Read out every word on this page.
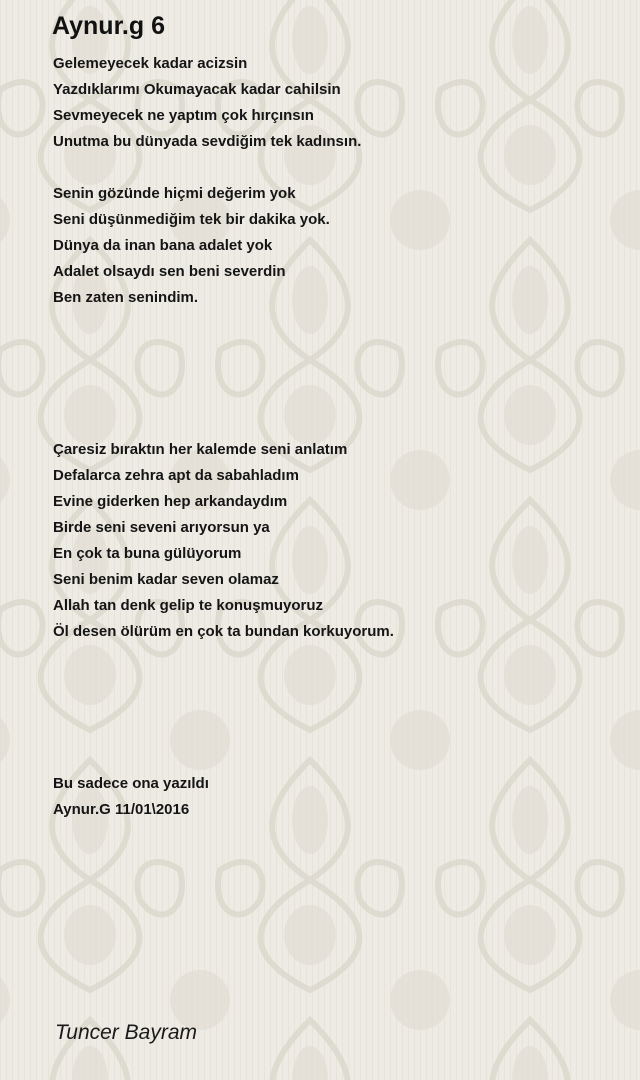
Aynur.g 6
Gelemeyecek kadar acizsin
Yazdıklarımı Okumayacak kadar cahilsin
Sevmeyecek ne yaptım çok hırçınsın
Unutma bu dünyada sevdiğim tek kadınsın.
Senin gözünde hiçmi değerim yok
Seni düşünmediğim tek bir dakika yok.
Dünya da inan bana adalet yok
Adalet olsaydı sen beni severdin
Ben zaten senindim.
Çaresiz bıraktın her kalemde seni anlatım
Defalarca zehra apt da sabahladım
Evine giderken hep arkandaydım
Birde seni seveni arıyorsun ya
En çok ta buna gülüyorum
Seni benim kadar seven olamaz
Allah tan denk gelip te konuşmuyoruz
Öl desen ölürüm en çok ta bundan korkuyorum.
Bu sadece ona yazıldı
Aynur.G 11/01\2016
Tuncer Bayram
